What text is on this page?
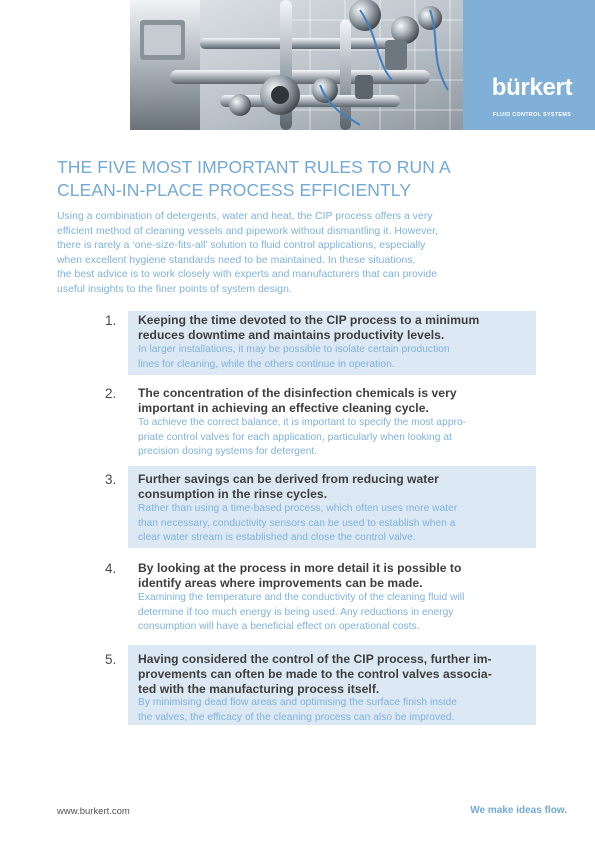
bürkert
FLUID CONTROL SYSTEMS
THE FIVE MOST IMPORTANT RULES TO RUN A
CLEAN-IN-PLACE PROCESS EFFICIENTLY
Using a combination of detergents, water and heat, the CIP process offers a very
efficient method of cleaning vessels and pipework without dismantling it. However,
there is rarely a ‘one-size-fits-all’ solution to fluid control applications, especially
when excellent hygiene standards need to be maintained. In these situations,
the best advice is to work closely with experts and manufacturers that can provide
useful insights to the finer points of system design.
1. Keeping the time devoted to the CIP process to a minimum
reduces downtime and maintains productivity levels.
In larger installations, it may be possible to isolate certain production
lines for cleaning, while the others continue in operation.
2. The concentration of the disinfection chemicals is very
important in achieving an effective cleaning cycle.
To achieve the correct balance, it is important to specify the most appro-
priate control valves for each application, particularly when looking at
precision dosing systems for detergent.
3. Further savings can be derived from reducing water
consumption in the rinse cycles.
Rather than using a time-based process, which often uses more water
than necessary, conductivity sensors can be used to establish when a
clear water stream is established and close the control valve.
4. By looking at the process in more detail it is possible to
identify areas where improvements can be made.
Examining the temperature and the conductivity of the cleaning fluid will
determine if too much energy is being used. Any reductions in energy
consumption will have a beneficial effect on operational costs.
5. Having considered the control of the CIP process, further im-
provements can often be made to the control valves associa-
ted with the manufacturing process itself.
By minimising dead flow areas and optimising the surface finish inside
the valves, the efficacy of the cleaning process can also be improved.
www.burkert.com	We make ideas flow.
